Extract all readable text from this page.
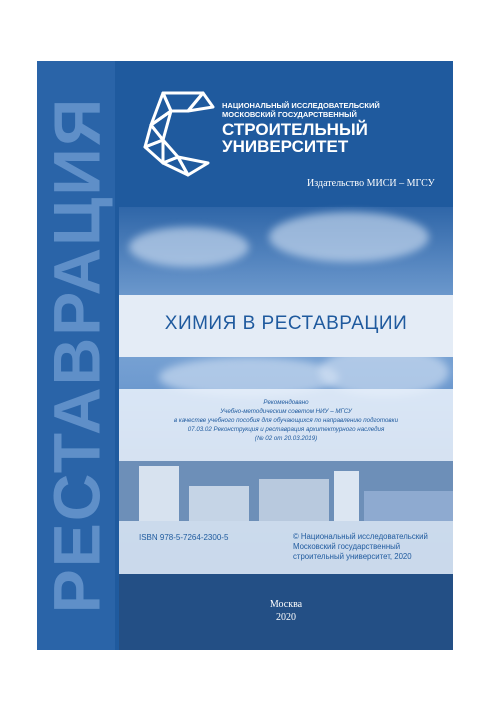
РЕСТАВРАЦИЯ	НАЦИОНАЛЬНЫЙ ИССЛЕДОВАТЕЛЬСКИЙ
МОСКОВСКИЙ ГОСУДАРСТВЕННЫЙ
СТРОИТЕЛЬНЫЙ
УНИВЕРСИТЕТ
Издательство МИСИ – МГСУ
ХИМИЯ В РЕСТАВРАЦИИ
Рекомендовано
Учебно-методическим советом НИУ – МГСУ
в качестве учебного пособия для обучающихся по направлению подготовки
07.03.02 Реконструкция и реставрация архитектурного наследия
(№ 02 от 20.03.2019)
ISBN 978-5-7264-2300-5	© Национальный исследовательский
Московский государственный
строительный университет, 2020
Москва
2020
